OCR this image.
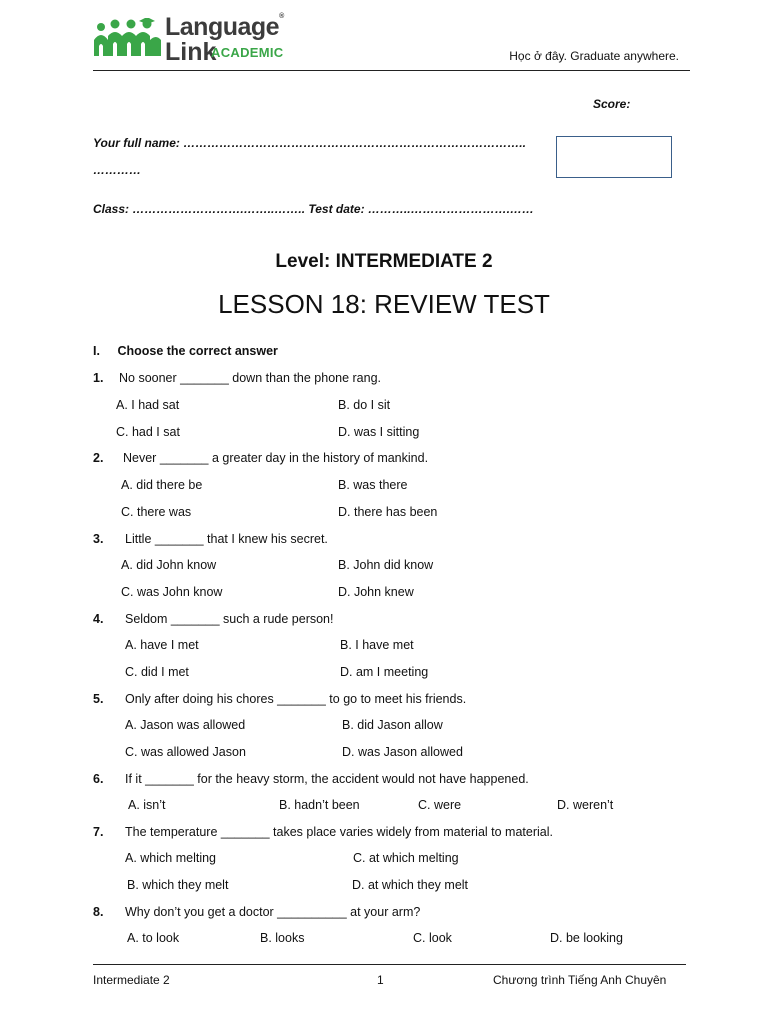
Language®
Link
ACADEMIC	Học ở đây. Graduate anywhere.
Score:
Your full name: …………………………………………………………………………..
…………
Class: ……………………….……..…….. Test date: ………..…………………….……
Level: INTERMEDIATE 2
LESSON 18: REVIEW TEST
I. Choose the correct answer
1. No sooner _______ down than the phone rang.
A. I had sat	B. do I sit
C. had I sat	D. was I sitting
2. Never _______ a greater day in the history of mankind.
A. did there be	B. was there
C. there was	D. there has been
3. Little _______ that I knew his secret.
A. did John know	B. John did know
C. was John know	D. John knew
4. Seldom _______ such a rude person!
A. have I met	B. I have met
C. did I met	D. am I meeting
5. Only after doing his chores _______ to go to meet his friends.
A. Jason was allowed	B. did Jason allow
C. was allowed Jason	D. was Jason allowed
6. If it _______ for the heavy storm, the accident would not have happened.
A. isn’t	B. hadn’t been	C. were	D. weren’t
7. The temperature _______ takes place varies widely from material to material.
A. which melting	C. at which melting
B. which they melt	D. at which they melt
8. Why don’t you get a doctor __________ at your arm?
A. to look	B. looks	C. look	D. be looking
Intermediate 2	1	Chương trình Tiếng Anh Chuyên
